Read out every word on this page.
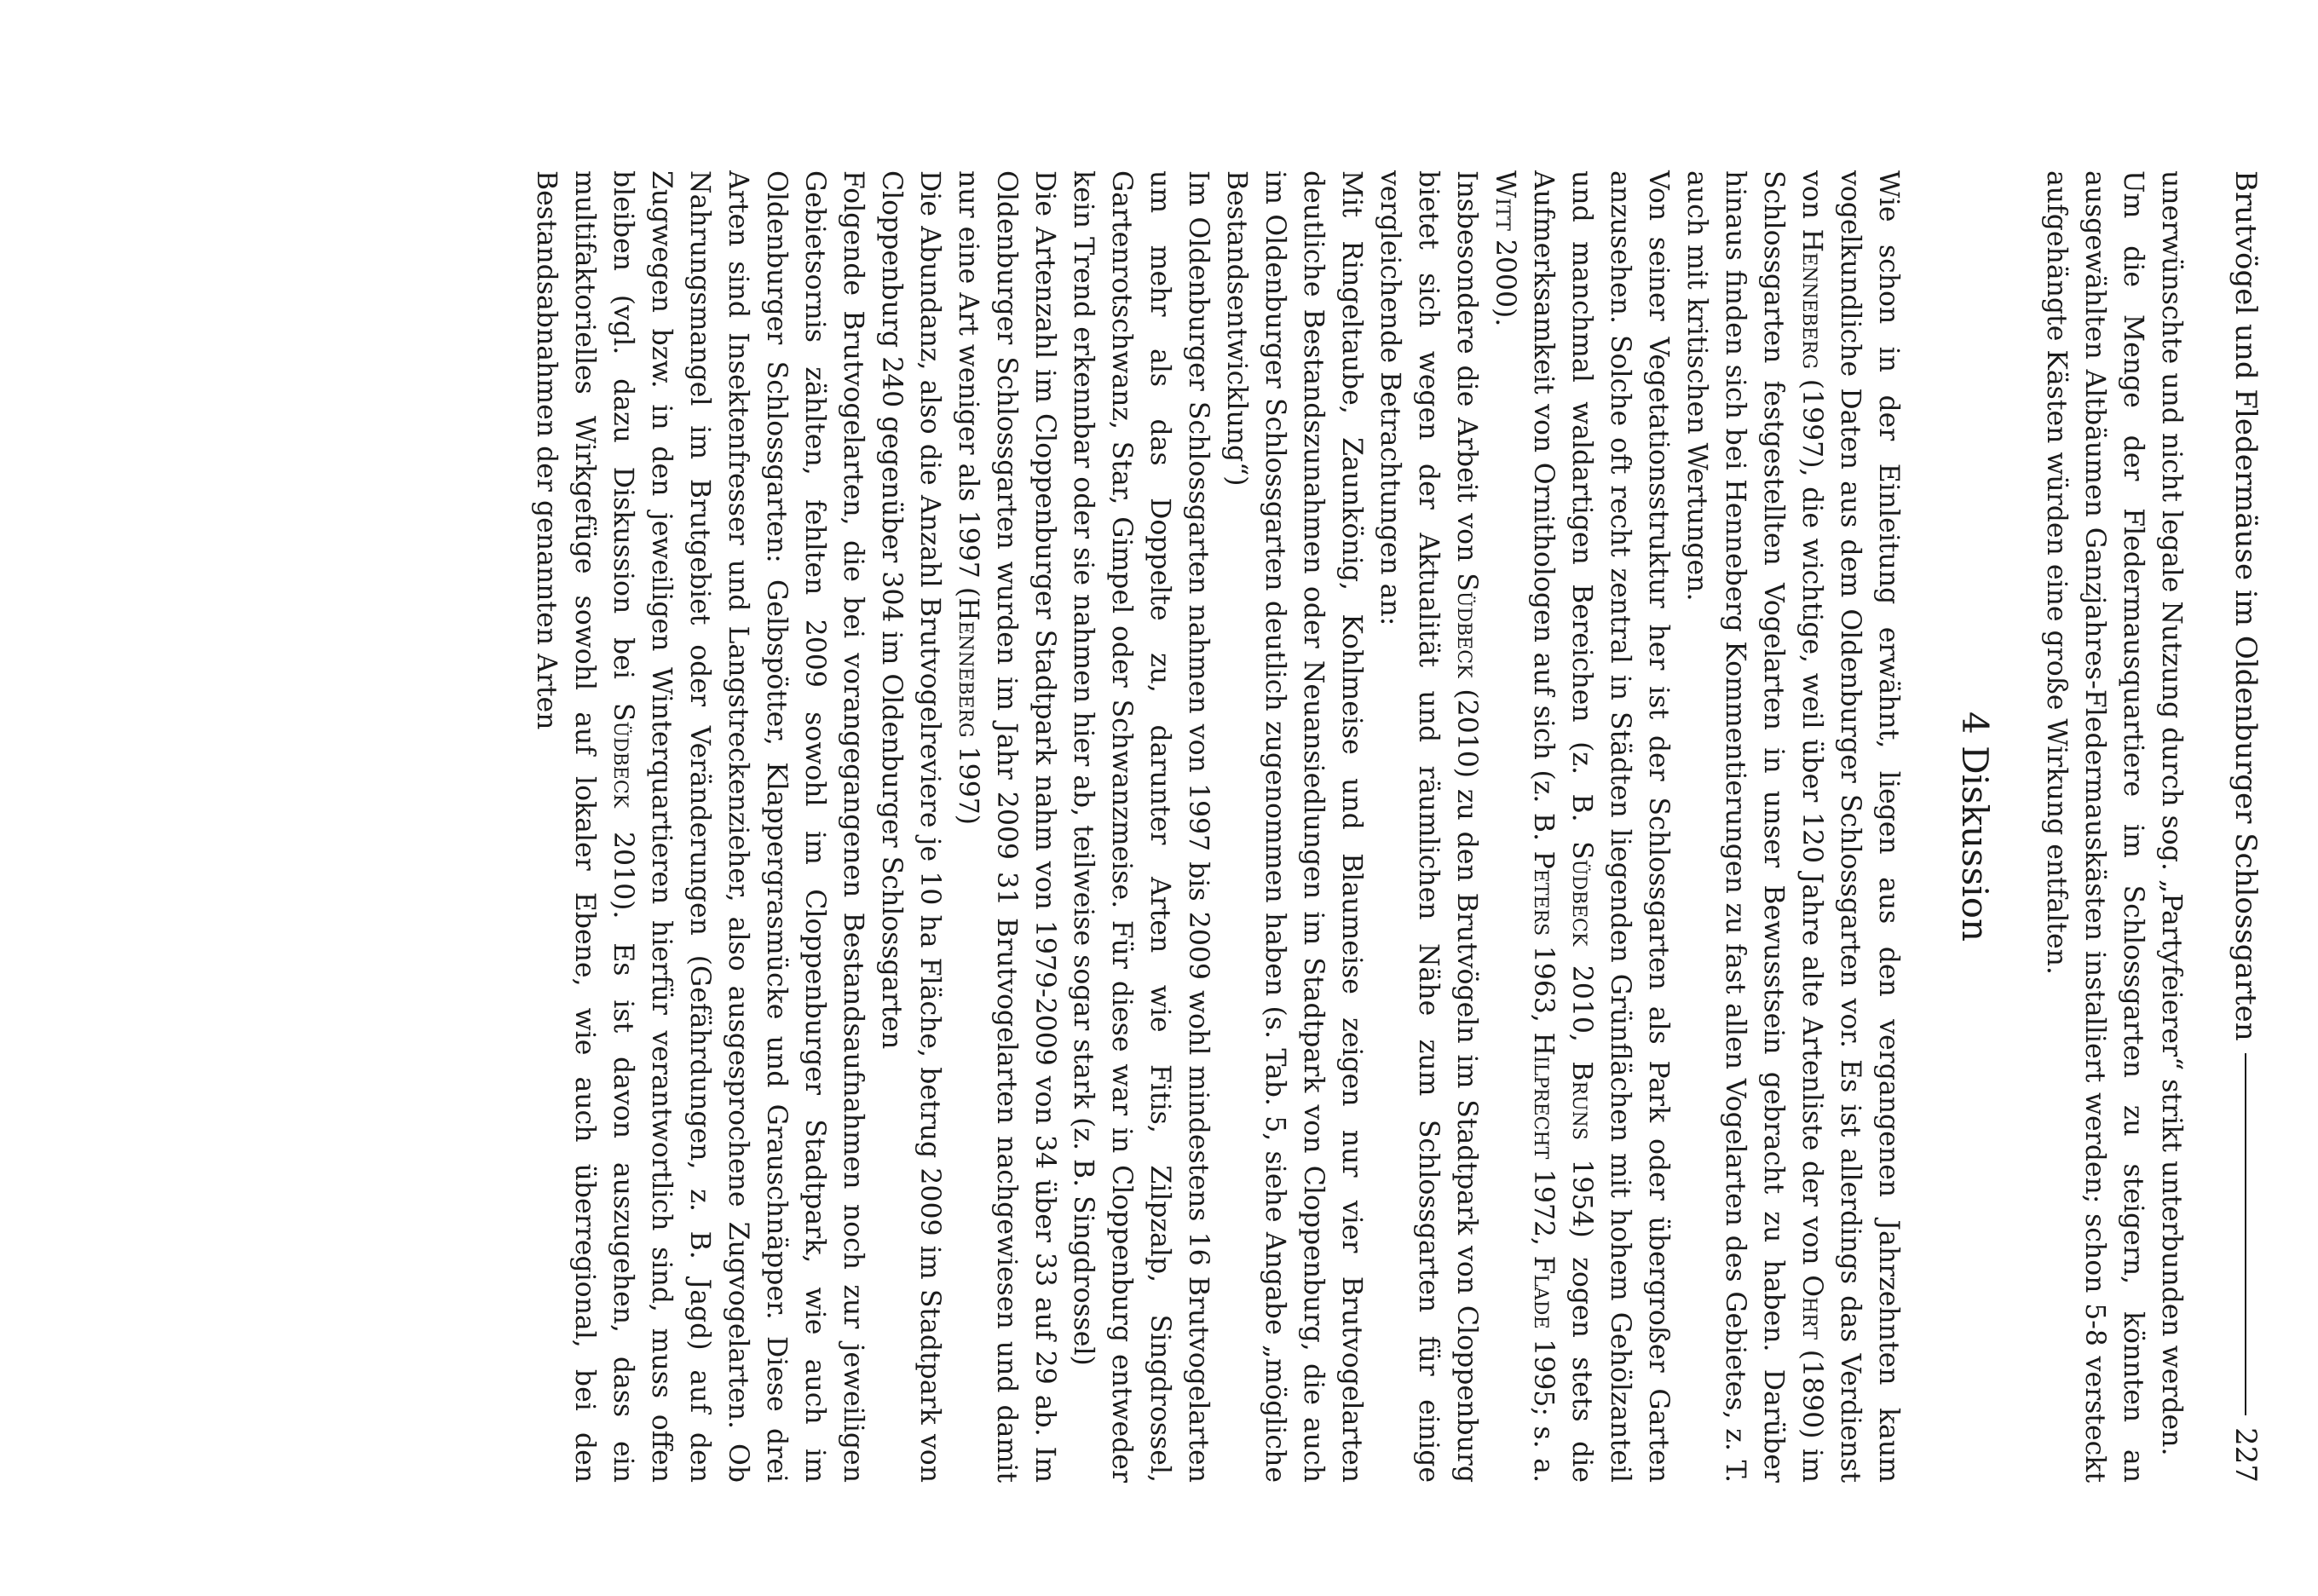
Brutvögel und Fledermäuse im Oldenburger Schlossgarten
227

unerwünschte und nicht legale Nutzung durch sog. „Partyfeierer“ strikt unterbunden werden.

Um die Menge der Fledermausquartiere im Schlossgarten zu steigern, könnten an ausgewählten Altbäumen Ganzjahres-Fledermauskästen installiert werden; schon 5-8 versteckt aufgehängte Kästen würden eine große Wirkung entfalten.

4 Diskussion

Wie schon in der Einleitung erwähnt, liegen aus den vergangenen Jahrzehnten kaum vogelkundliche Daten aus dem Oldenburger Schlossgarten vor. Es ist allerdings das Verdienst von Henneberg (1997), die wichtige, weil über 120 Jahre alte Artenliste der von Ohrt (1890) im Schlossgarten festgestellten Vogelarten in unser Bewusstsein gebracht zu haben. Darüber hinaus finden sich bei Henneberg Kommentierungen zu fast allen Vogelarten des Gebietes, z. T. auch mit kritischen Wertungen.

Von seiner Vegetationsstruktur her ist der Schlossgarten als Park oder übergroßer Garten anzusehen. Solche oft recht zentral in Städten liegenden Grünflächen mit hohem Gehölzanteil und manchmal waldartigen Bereichen (z. B. Südbeck 2010, Bruns 1954) zogen stets die Aufmerksamkeit von Ornithologen auf sich (z. B. Peters 1963, Hilprecht 1972, Flade 1995; s. a. Witt 2000).

Insbesondere die Arbeit von Südbeck (2010) zu den Brutvögeln im Stadtpark von Cloppenburg bietet sich wegen der Aktualität und räumlichen Nähe zum Schlossgarten für einige vergleichende Betrachtungen an:

Mit Ringeltaube, Zaunkönig, Kohlmeise und Blaumeise zeigen nur vier Brutvogelarten deutliche Bestandszunahmen oder Neuansiedlungen im Stadtpark von Cloppenburg, die auch im Oldenburger Schlossgarten deutlich zugenommen haben (s. Tab. 5, siehe Angabe „mögliche Bestandsentwicklung“)

Im Oldenburger Schlossgarten nahmen von 1997 bis 2009 wohl mindestens 16 Brutvogelarten um mehr als das Doppelte zu, darunter Arten wie Fitis, Zilpzalp, Singdrossel, Gartenrotschwanz, Star, Gimpel oder Schwanzmeise. Für diese war in Cloppenburg entweder kein Trend erkennbar oder sie nahmen hier ab, teilweise sogar stark (z. B. Singdrossel)

Die Artenzahl im Cloppenburger Stadtpark nahm von 1979-2009 von 34 über 33 auf 29 ab. Im Oldenburger Schlossgarten wurden im Jahr 2009 31 Brutvogelarten nachgewiesen und damit nur eine Art weniger als 1997 (Henneberg 1997)

Die Abundanz, also die Anzahl Brutvogelreviere je 10 ha Fläche, betrug 2009 im Stadtpark von Cloppenburg 240 gegenüber 304 im Oldenburger Schlossgarten

Folgende Brutvogelarten, die bei vorangegangenen Bestandsaufnahmen noch zur jeweiligen Gebietsornis zählten, fehlten 2009 sowohl im Cloppenburger Stadtpark, wie auch im Oldenburger Schlossgarten: Gelbspötter, Klappergrasmücke und Grauschnäpper. Diese drei Arten sind Insektenfresser und Langstreckenzieher, also ausgesprochene Zugvogelarten. Ob Nahrungsmangel im Brutgebiet oder Veränderungen (Gefährdungen, z. B. Jagd) auf den Zugwegen bzw. in den jeweiligen Winterquartieren hierfür verantwortlich sind, muss offen bleiben (vgl. dazu Diskussion bei Südbeck 2010). Es ist davon auszugehen, dass ein multifaktorielles Wirkgefüge sowohl auf lokaler Ebene, wie auch überregional, bei den Bestandsabnahmen der genannten Arten
